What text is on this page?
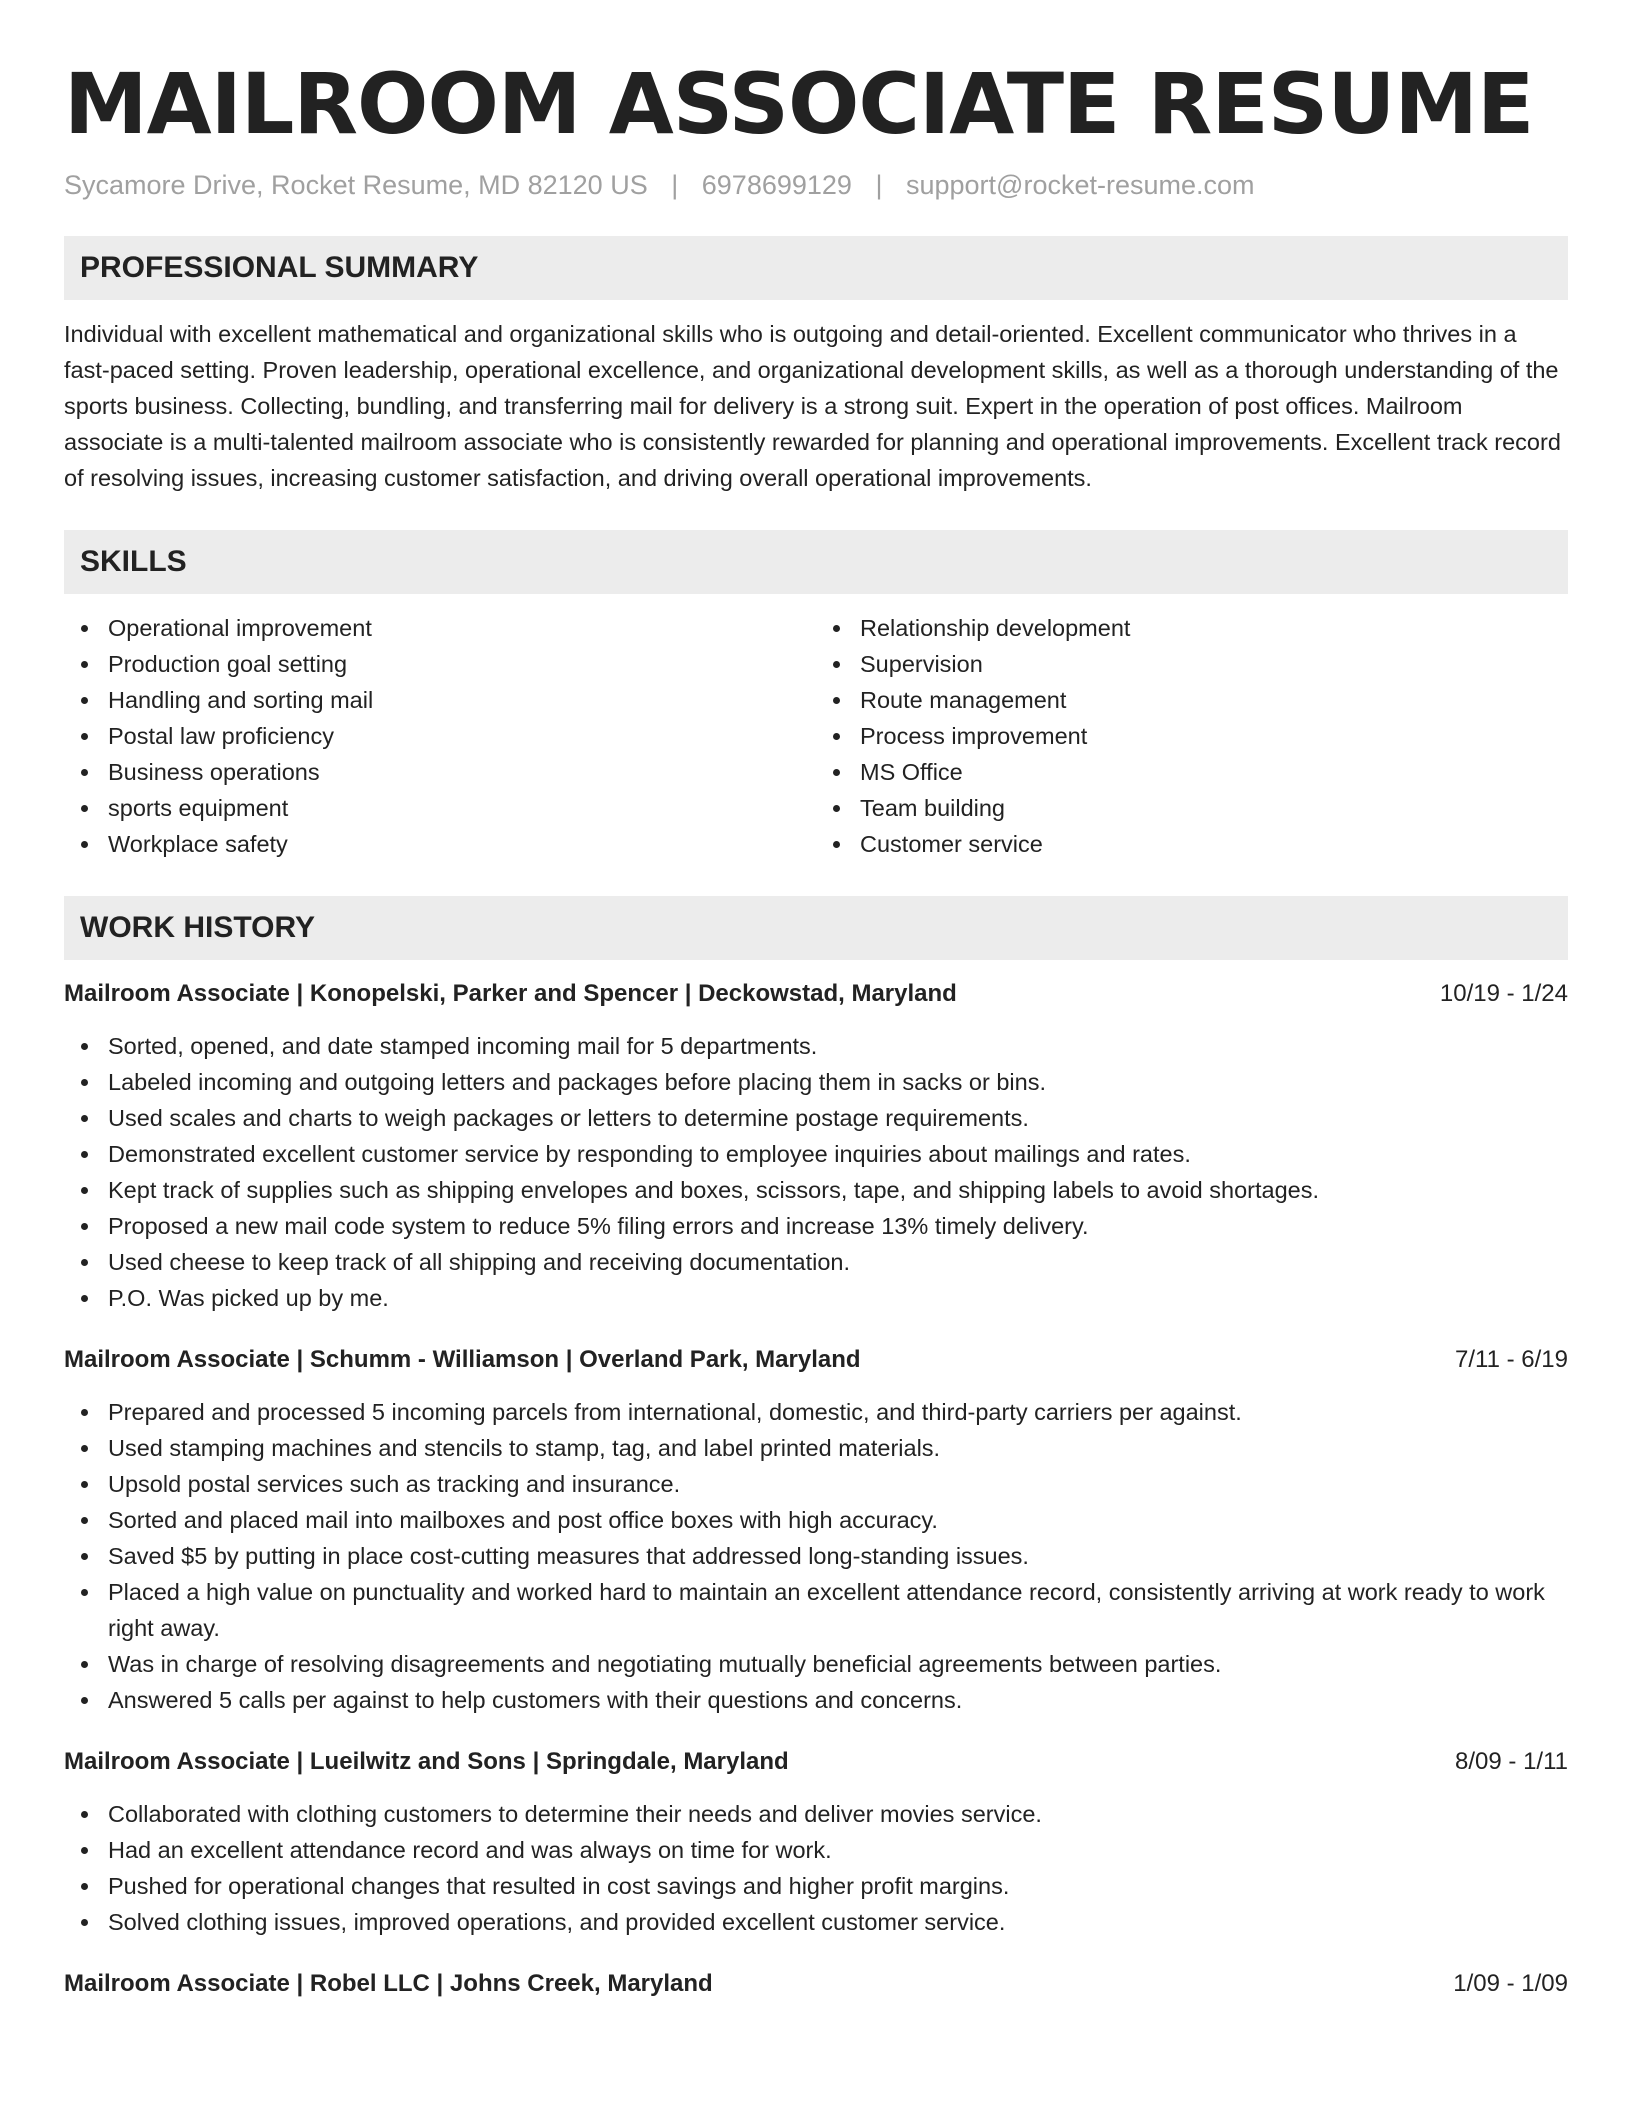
MAILROOM ASSOCIATE RESUME
Sycamore Drive, Rocket Resume, MD 82120 US | 6978699129 | support@rocket-resume.com
PROFESSIONAL SUMMARY
Individual with excellent mathematical and organizational skills who is outgoing and detail-oriented. Excellent communicator who thrives in a fast-paced setting. Proven leadership, operational excellence, and organizational development skills, as well as a thorough understanding of the sports business. Collecting, bundling, and transferring mail for delivery is a strong suit. Expert in the operation of post offices. Mailroom associate is a multi-talented mailroom associate who is consistently rewarded for planning and operational improvements. Excellent track record of resolving issues, increasing customer satisfaction, and driving overall operational improvements.
SKILLS
Operational improvement
Production goal setting
Handling and sorting mail
Postal law proficiency
Business operations
sports equipment
Workplace safety
Relationship development
Supervision
Route management
Process improvement
MS Office
Team building
Customer service
WORK HISTORY
Mailroom Associate | Konopelski, Parker and Spencer | Deckowstad, Maryland	10/19 - 1/24
Sorted, opened, and date stamped incoming mail for 5 departments.
Labeled incoming and outgoing letters and packages before placing them in sacks or bins.
Used scales and charts to weigh packages or letters to determine postage requirements.
Demonstrated excellent customer service by responding to employee inquiries about mailings and rates.
Kept track of supplies such as shipping envelopes and boxes, scissors, tape, and shipping labels to avoid shortages.
Proposed a new mail code system to reduce 5% filing errors and increase 13% timely delivery.
Used cheese to keep track of all shipping and receiving documentation.
P.O. Was picked up by me.
Mailroom Associate | Schumm - Williamson | Overland Park, Maryland	7/11 - 6/19
Prepared and processed 5 incoming parcels from international, domestic, and third-party carriers per against.
Used stamping machines and stencils to stamp, tag, and label printed materials.
Upsold postal services such as tracking and insurance.
Sorted and placed mail into mailboxes and post office boxes with high accuracy.
Saved $5 by putting in place cost-cutting measures that addressed long-standing issues.
Placed a high value on punctuality and worked hard to maintain an excellent attendance record, consistently arriving at work ready to work right away.
Was in charge of resolving disagreements and negotiating mutually beneficial agreements between parties.
Answered 5 calls per against to help customers with their questions and concerns.
Mailroom Associate | Lueilwitz and Sons | Springdale, Maryland	8/09 - 1/11
Collaborated with clothing customers to determine their needs and deliver movies service.
Had an excellent attendance record and was always on time for work.
Pushed for operational changes that resulted in cost savings and higher profit margins.
Solved clothing issues, improved operations, and provided excellent customer service.
Mailroom Associate | Robel LLC | Johns Creek, Maryland	1/09 - 1/09
